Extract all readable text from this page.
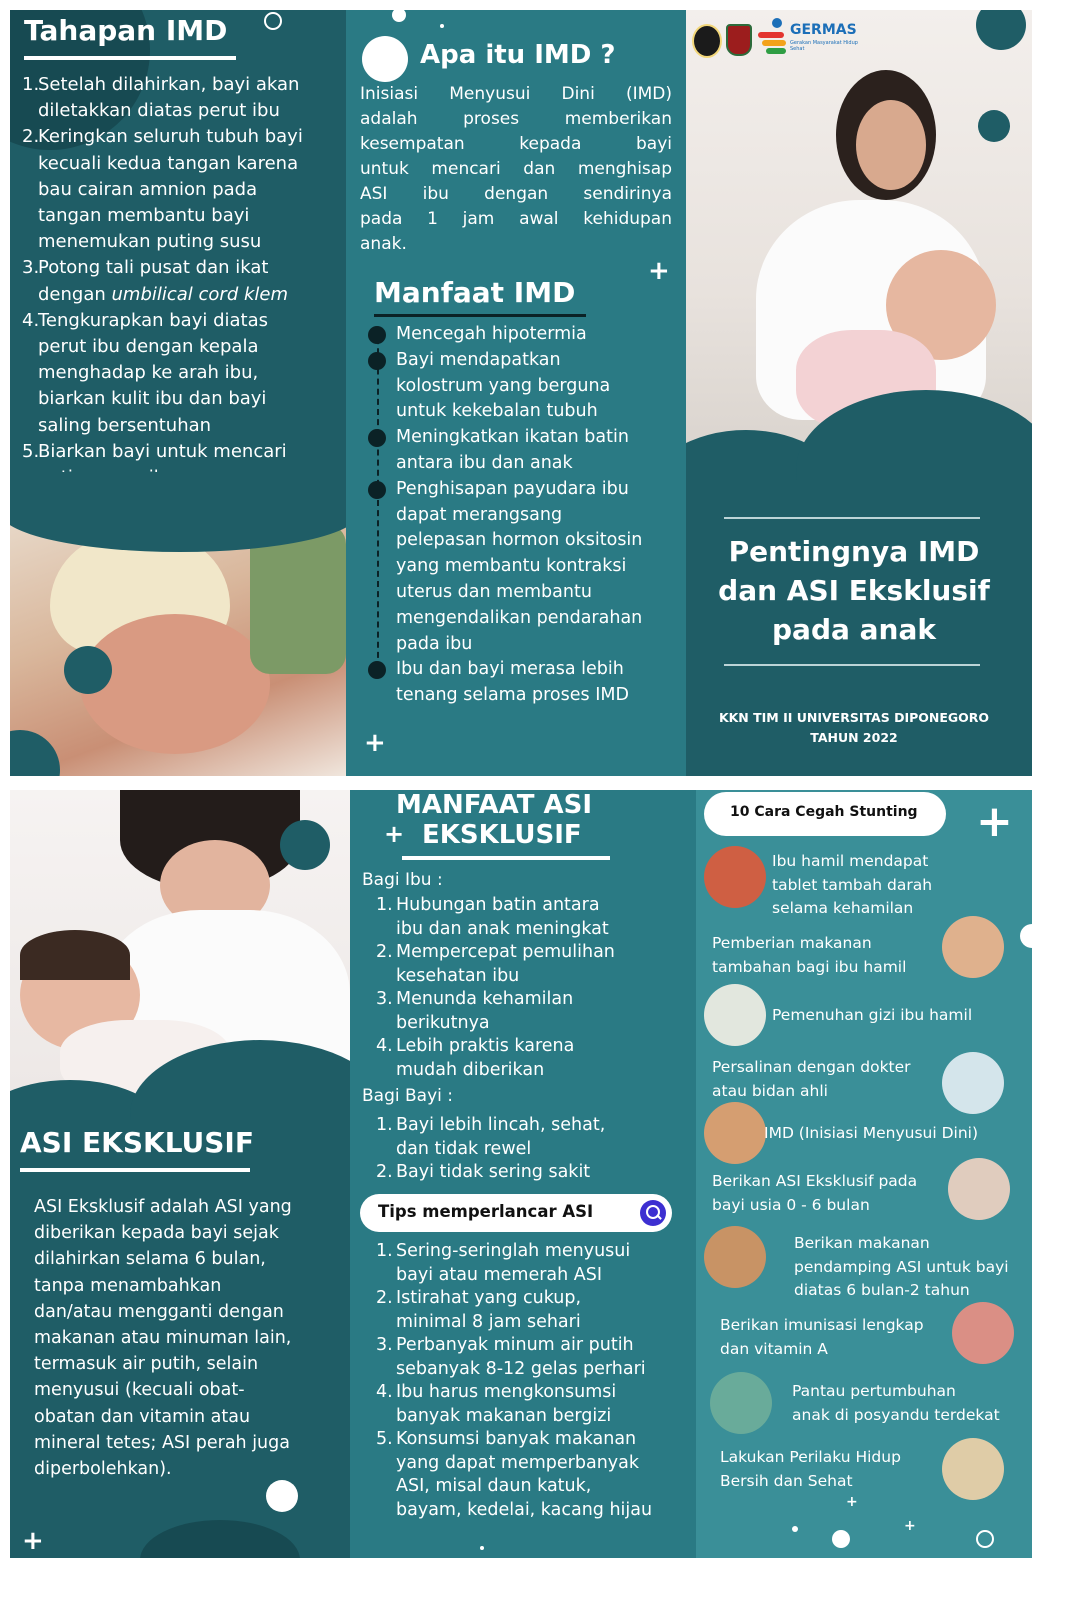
Tahapan IMD
1.
Setelah dilahirkan, bayi akan
diletakkan diatas perut ibu
2.
Keringkan seluruh tubuh bayi
kecuali kedua tangan karena
bau cairan amnion pada
tangan membantu bayi
menemukan puting susu
3.
Potong tali pusat dan ikat
dengan umbilical cord klem
4.
Tengkurapkan bayi diatas
perut ibu dengan kepala
menghadap ke arah ibu,
biarkan kulit ibu dan bayi
saling bersentuhan
5.
Biarkan bayi untuk mencari
Apa itu IMD ?
Inisiasi Menyusui Dini (IMD)
adalah proses memberikan
kesempatan kepada bayi
untuk mencari dan menghisap
ASI ibu dengan sendirinya
pada 1 jam awal kehidupan
anak.
+
Manfaat IMD
Mencegah hipotermia
Bayi mendapatkan
kolostrum yang berguna
untuk kekebalan tubuh
Meningkatkan ikatan batin
antara ibu dan anak
Penghisapan payudara ibu
dapat merangsang
pelepasan hormon oksitosin
yang membantu kontraksi
uterus dan membantu
mengendalikan pendarahan
pada ibu
Ibu dan bayi merasa lebih
tenang selama proses IMD
+
GERMAS
Gerakan Masyarakat Hidup Sehat
Pentingnya IMD
dan ASI Eksklusif
pada anak
KKN TIM II UNIVERSITAS DIPONEGORO
TAHUN 2022
ASI EKSKLUSIF
ASI Eksklusif adalah ASI yang
diberikan kepada bayi sejak
dilahirkan selama 6 bulan,
tanpa menambahkan
dan/atau mengganti dengan
makanan atau minuman lain,
termasuk air putih, selain
menyusui (kecuali obat-
obatan dan vitamin atau
mineral tetes; ASI perah juga
diperbolehkan).
+
MANFAAT ASI
+ EKSKLUSIF
Bagi Ibu :
1. Hubungan batin antara
ibu dan anak meningkat
2. Mempercepat pemulihan
kesehatan ibu
3. Menunda kehamilan
berikutnya
4. Lebih praktis karena
mudah diberikan
Bagi Bayi :
1. Bayi lebih lincah, sehat,
dan tidak rewel
2. Bayi tidak sering sakit
Tips memperlancar ASI
1. Sering-seringlah menyusui
bayi atau memerah ASI
2. Istirahat yang cukup,
minimal 8 jam sehari
3. Perbanyak minum air putih
sebanyak 8-12 gelas perhari
4. Ibu harus mengkonsumsi
banyak makanan bergizi
5. Konsumsi banyak makanan
yang dapat memperbanyak
ASI, misal daun katuk,
bayam, kedelai, kacang hijau
10 Cara Cegah Stunting +
Ibu hamil mendapat
tablet tambah darah
selama kehamilan
Pemberian makanan
tambahan bagi ibu hamil
Pemenuhan gizi ibu hamil
Persalinan dengan dokter
atau bidan ahli
IMD (Inisiasi Menyusui Dini)
Berikan ASI Eksklusif pada
bayi usia 0 - 6 bulan
Berikan makanan
pendamping ASI untuk bayi
diatas 6 bulan-2 tahun
Berikan imunisasi lengkap
dan vitamin A
Pantau pertumbuhan
anak di posyandu terdekat
Lakukan Perilaku Hidup
Bersih dan Sehat
+
+
